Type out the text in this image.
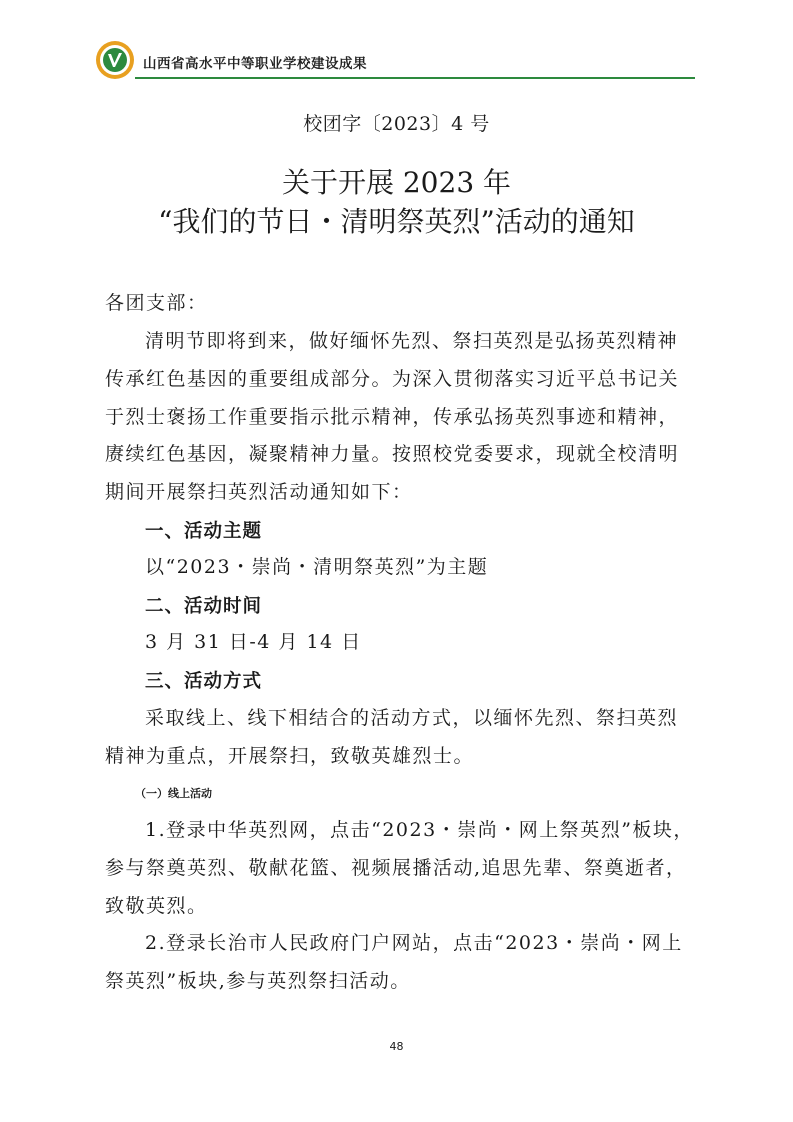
山西省高水平中等职业学校建设成果
校团字〔2023〕4 号
关于开展 2023 年
“我们的节日・清明祭英烈”活动的通知
各团支部：
清明节即将到来，做好缅怀先烈、祭扫英烈是弘扬英烈精神
传承红色基因的重要组成部分。为深入贯彻落实习近平总书记关
于烈士褒扬工作重要指示批示精神，传承弘扬英烈事迹和精神，
赓续红色基因，凝聚精神力量。按照校党委要求，现就全校清明
期间开展祭扫英烈活动通知如下：
一、活动主题
以“2023・崇尚・清明祭英烈”为主题
二、活动时间
3 月 31 日-4 月 14 日
三、活动方式
采取线上、线下相结合的活动方式，以缅怀先烈、祭扫英烈
精神为重点，开展祭扫，致敬英雄烈士。
（一）线上活动
1.登录中华英烈网，点击“2023・崇尚・网上祭英烈”板块，
参与祭奠英烈、敬献花篮、视频展播活动,追思先辈、祭奠逝者，
致敬英烈。
2.登录长治市人民政府门户网站，点击“2023・崇尚・网上
祭英烈”板块,参与英烈祭扫活动。
48
